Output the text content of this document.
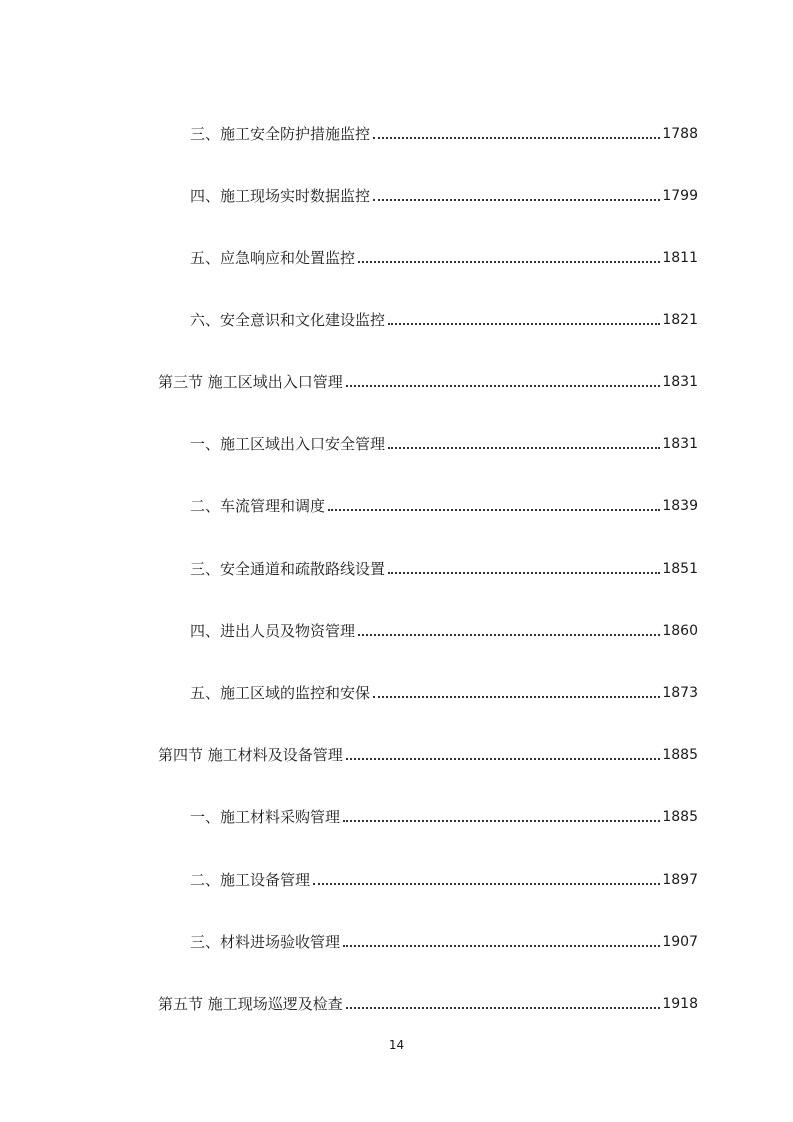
三、施工安全防护措施监控	1788
四、施工现场实时数据监控	1799
五、应急响应和处置监控	1811
六、安全意识和文化建设监控	1821
第三节 施工区域出入口管理	1831
一、施工区域出入口安全管理	1831
二、车流管理和调度	1839
三、安全通道和疏散路线设置	1851
四、进出人员及物资管理	1860
五、施工区域的监控和安保	1873
第四节 施工材料及设备管理	1885
一、施工材料采购管理	1885
二、施工设备管理	1897
三、材料进场验收管理	1907
第五节 施工现场巡逻及检查	1918
14
